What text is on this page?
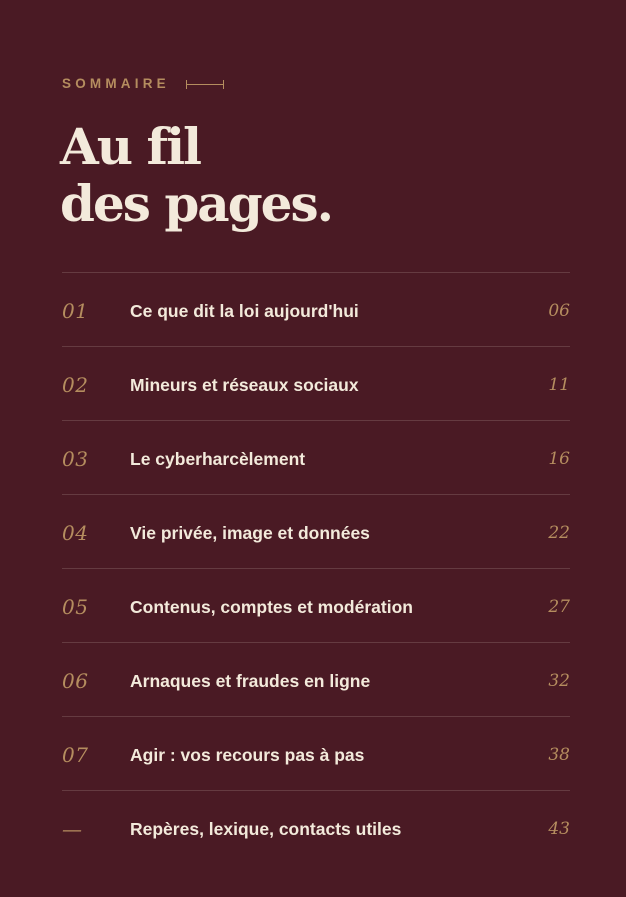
SOMMAIRE
Au fil
des pages.
01 Ce que dit la loi aujourd'hui	06
02 Mineurs et réseaux sociaux	11
03 Le cyberharcèlement	16
04 Vie privée, image et données	22
05 Contenus, comptes et modération	27
06 Arnaques et fraudes en ligne	32
07 Agir : vos recours pas à pas	38
—	Repères, lexique, contacts utiles	43
